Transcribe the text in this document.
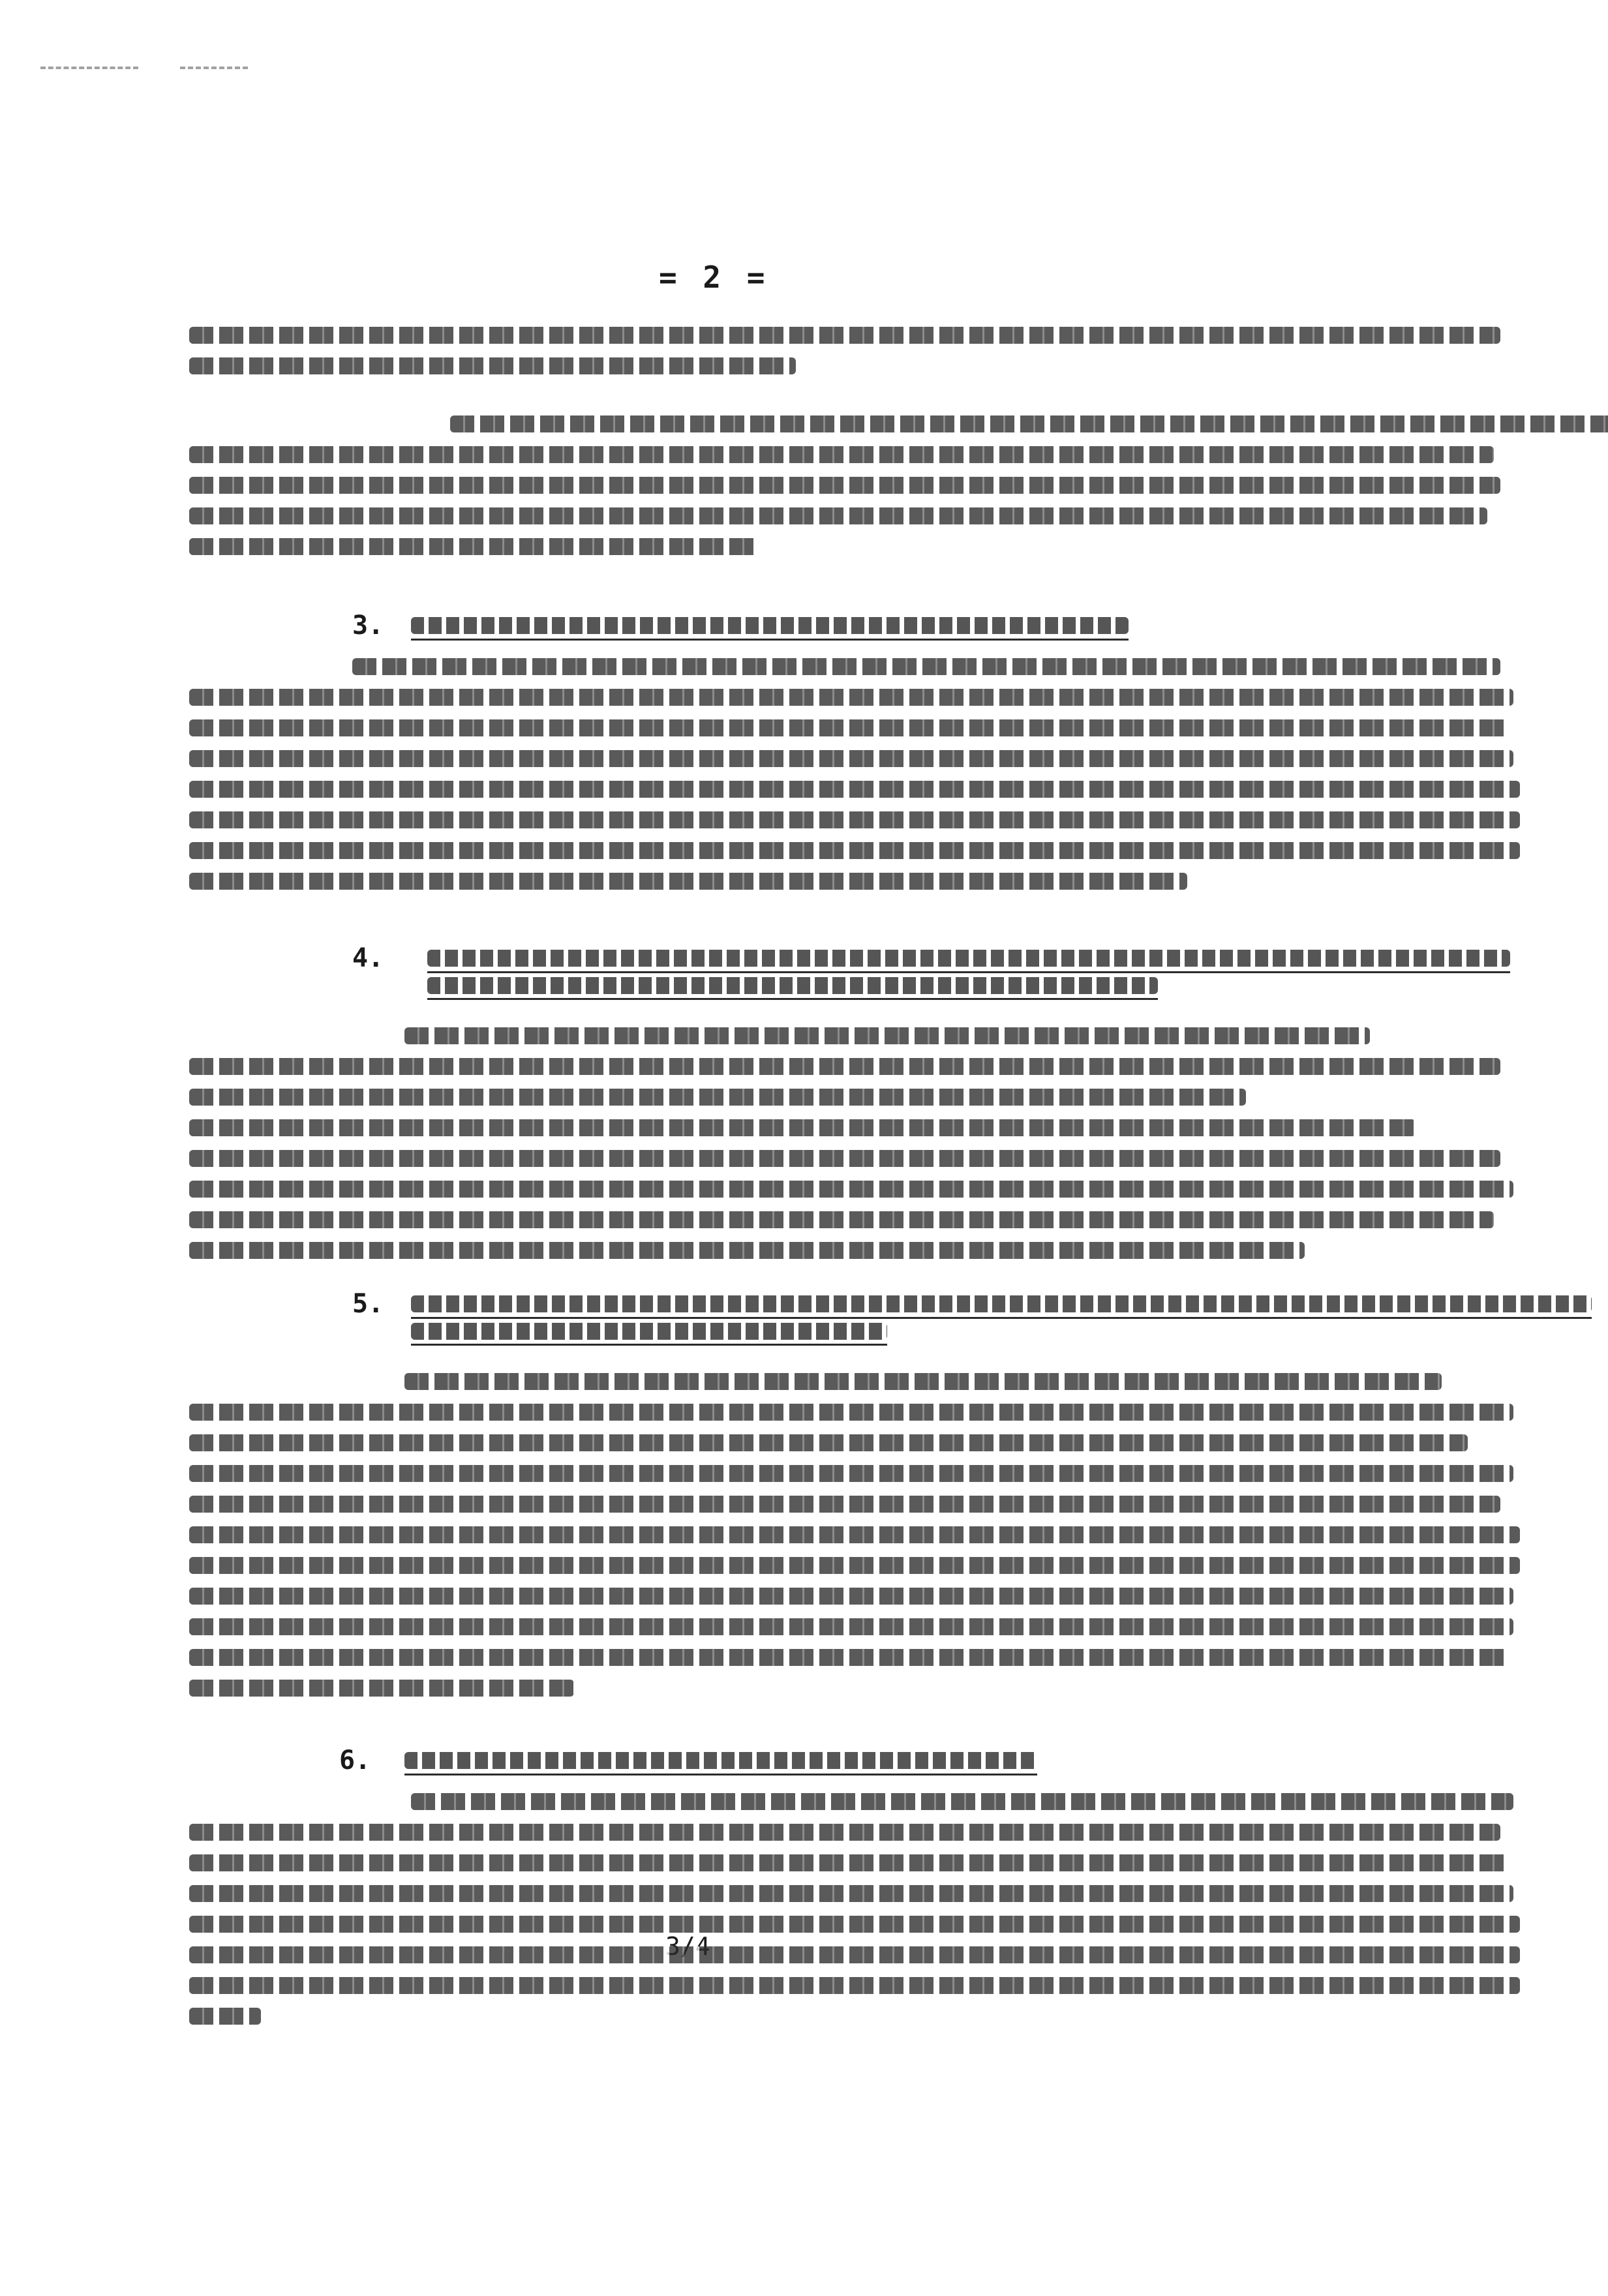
= 2 =
3.
4.
5.
6.
